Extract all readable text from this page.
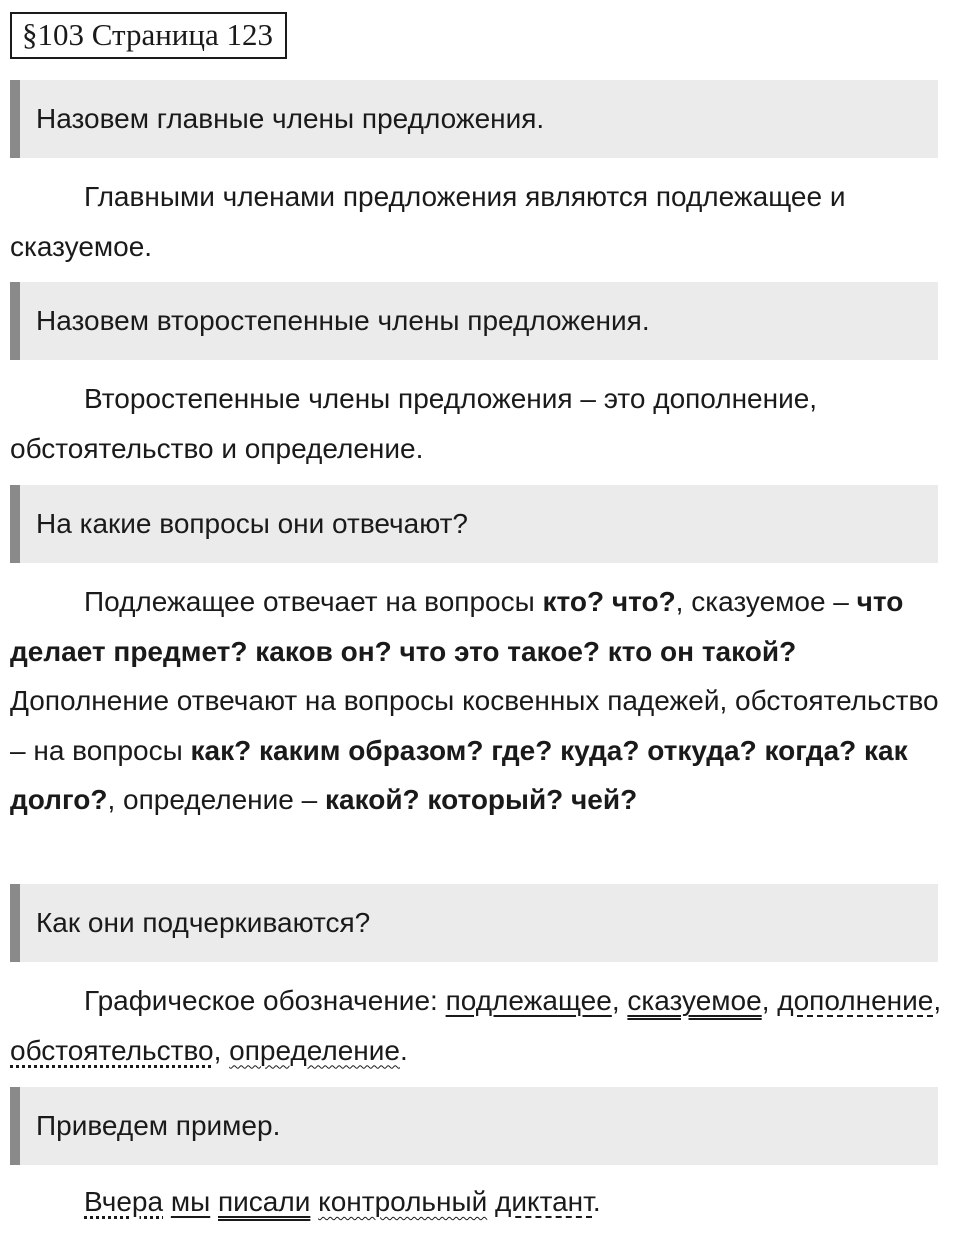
§103 Страница 123
Назовем главные члены предложения.

Главными членами предложения являются подлежащее и сказуемое.

Назовем второстепенные члены предложения.

Второстепенные члены предложения – это дополнение, обстоятельство и определение.

На какие вопросы они отвечают?

Подлежащее отвечает на вопросы кто? что?, сказуемое – что делает предмет? каков он? что это такое? кто он такой? Дополнение отвечают на вопросы косвенных падежей, обстоятельство – на вопросы как? каким образом? где? куда? откуда? когда? как долго?, определение – какой? который? чей?

Как они подчеркиваются?

Графическое обозначение: подлежащее, сказуемое, дополнение, обстоятельство, определение.

Приведем пример.

Вчера мы писали контрольный диктант.
